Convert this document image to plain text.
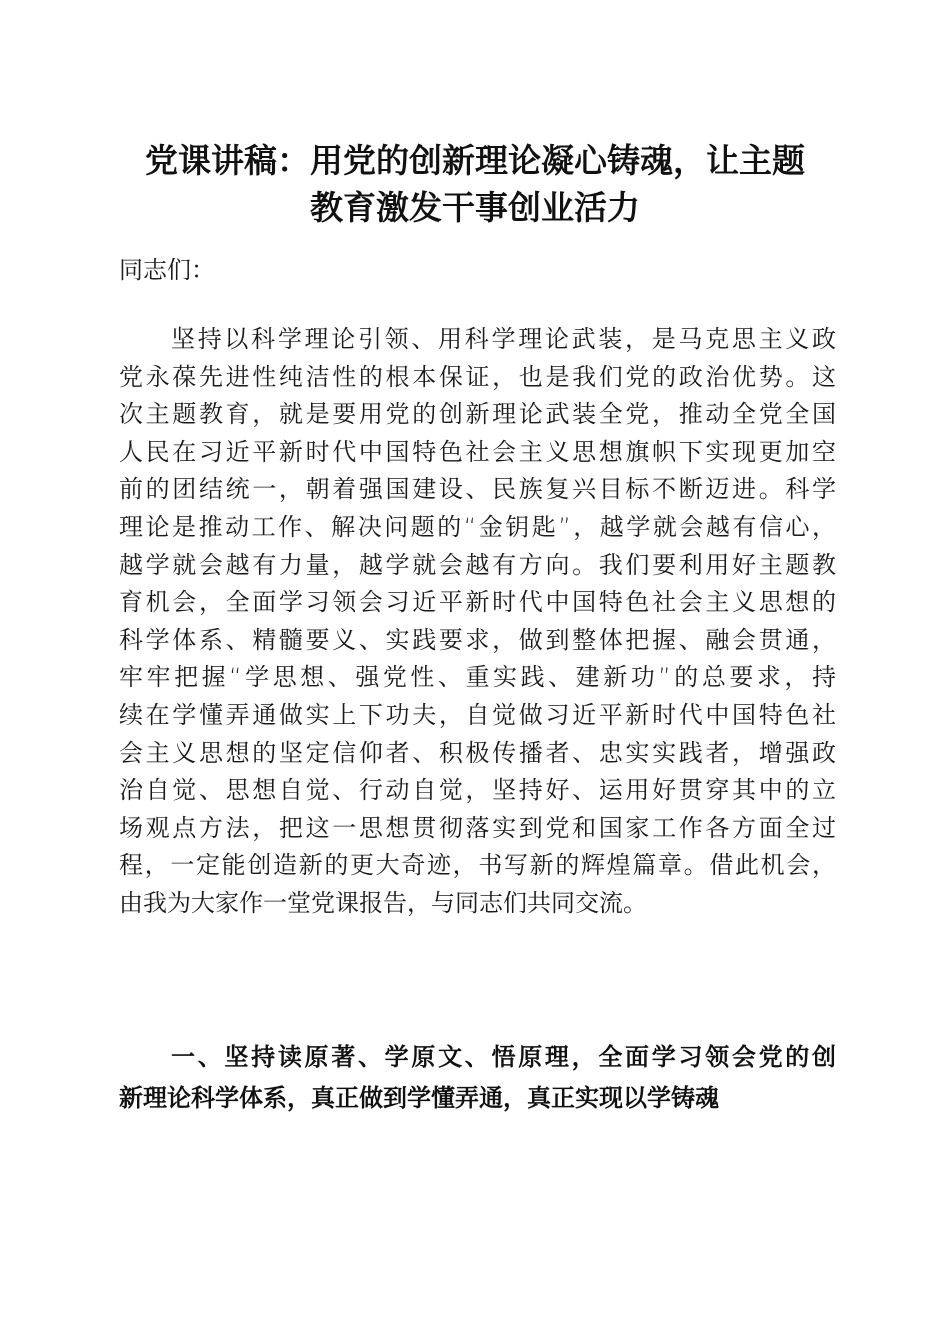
党课讲稿：用党的创新理论凝心铸魂，让主题
教育激发干事创业活力
同志们：
坚持以科学理论引领、用科学理论武装，是马克思主义政
党永葆先进性纯洁性的根本保证，也是我们党的政治优势。这
次主题教育，就是要用党的创新理论武装全党，推动全党全国
人民在习近平新时代中国特色社会主义思想旗帜下实现更加空
前的团结统一，朝着强国建设、民族复兴目标不断迈进。科学
理论是推动工作、解决问题的“金钥匙”，越学就会越有信心，
越学就会越有力量，越学就会越有方向。我们要利用好主题教
育机会，全面学习领会习近平新时代中国特色社会主义思想的
科学体系、精髓要义、实践要求，做到整体把握、融会贯通，
牢牢把握“学思想、强党性、重实践、建新功”的总要求，持
续在学懂弄通做实上下功夫，自觉做习近平新时代中国特色社
会主义思想的坚定信仰者、积极传播者、忠实实践者，增强政
治自觉、思想自觉、行动自觉，坚持好、运用好贯穿其中的立
场观点方法，把这一思想贯彻落实到党和国家工作各方面全过
程，一定能创造新的更大奇迹，书写新的辉煌篇章。借此机会，
由我为大家作一堂党课报告，与同志们共同交流。
一、坚持读原著、学原文、悟原理，全面学习领会党的创
新理论科学体系，真正做到学懂弄通，真正实现以学铸魂
